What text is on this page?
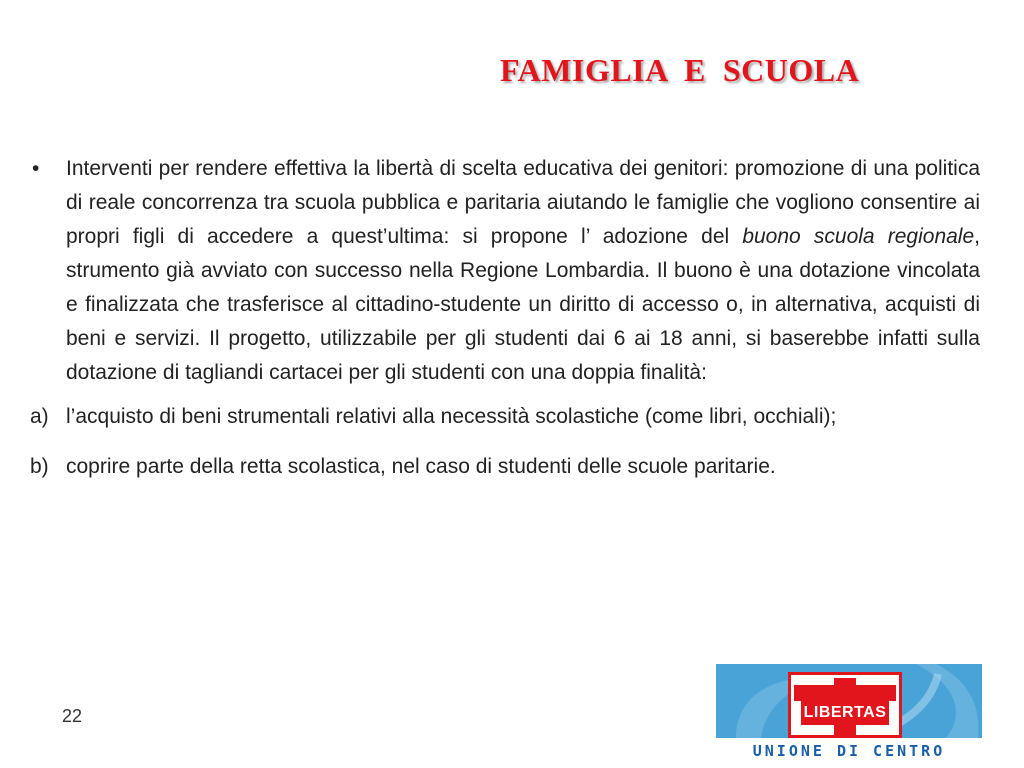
FAMIGLIA  E  SCUOLA
•	Interventi per rendere effettiva la libertà di scelta educativa dei genitori: promozione di una politica di reale concorrenza tra scuola pubblica e paritaria aiutando le famiglie che vogliono consentire ai propri figli di accedere a quest’ultima: si propone l’ adozione del buono scuola regionale, strumento già avviato con successo nella Regione Lombardia. Il buono è una dotazione vincolata e finalizzata che trasferisce al cittadino-studente un diritto di accesso o, in alternativa, acquisti di beni e servizi. Il progetto, utilizzabile per gli studenti dai 6 ai 18 anni, si baserebbe infatti sulla dotazione di tagliandi cartacei per gli studenti con una doppia finalità:
a) l’acquisto di beni strumentali relativi alla necessità scolastiche (come libri, occhiali);
b) coprire parte della retta scolastica, nel caso di studenti delle scuole paritarie.
22	LIBERTAS
UNIONE DI CENTRO
